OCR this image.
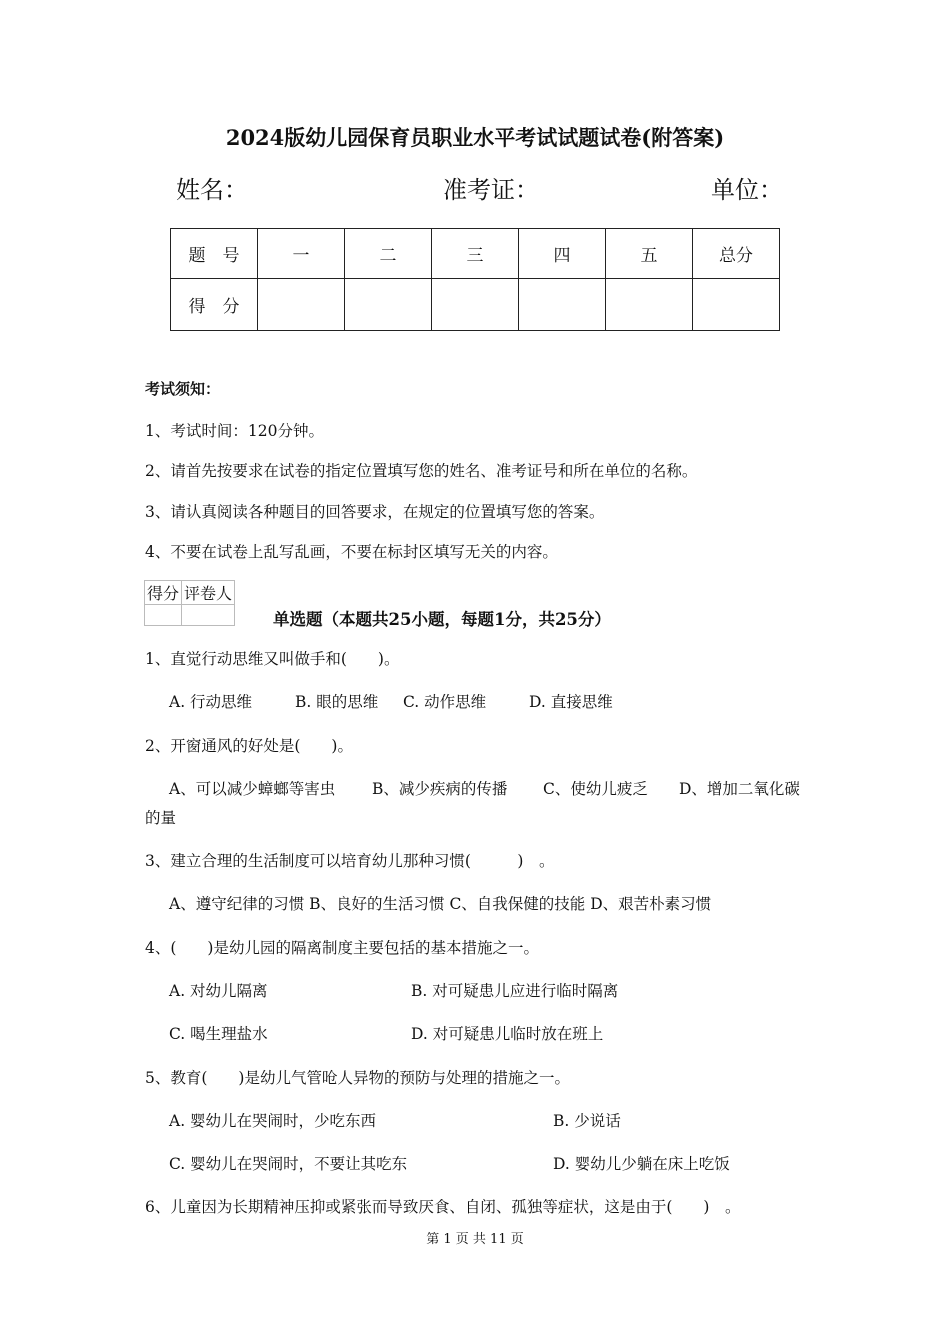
2024版幼儿园保育员职业水平考试试题试卷(附答案)
姓名：	准考证：	单位：
题　号	一	二	三	四	五	总分
得　分						
考试须知：
1、考试时间：120分钟。
2、请首先按要求在试卷的指定位置填写您的姓名、准考证号和所在单位的名称。
3、请认真阅读各种题目的回答要求，在规定的位置填写您的答案。
4、不要在试卷上乱写乱画，不要在标封区填写无关的内容。
得分	评卷人

单选题（本题共25小题，每题1分，共25分）
1、直觉行动思维又叫做手和(　　)。
A. 行动思维	B. 眼的思维 C. 动作思维	D. 直接思维
2、开窗通风的好处是(　　)。
A、可以减少蟑螂等害虫 B、减少疾病的传播 C、使幼儿疲乏 D、增加二氧化碳
的量
3、建立合理的生活制度可以培育幼儿那种习惯(　　　)　。
A、遵守纪律的习惯 B、良好的生活习惯 C、自我保健的技能 D、艰苦朴素习惯
4、(　　)是幼儿园的隔离制度主要包括的基本措施之一。
A. 对幼儿隔离	B. 对可疑患儿应进行临时隔离
C. 喝生理盐水	D. 对可疑患儿临时放在班上
5、教育(　　)是幼儿气管呛人异物的预防与处理的措施之一。
A. 婴幼儿在哭闹时，少吃东西	B. 少说话
C. 婴幼儿在哭闹时，不要让其吃东	D. 婴幼儿少躺在床上吃饭
6、儿童因为长期精神压抑或紧张而导致厌食、自闭、孤独等症状，这是由于(　　)　。
第 1 页 共 11 页
